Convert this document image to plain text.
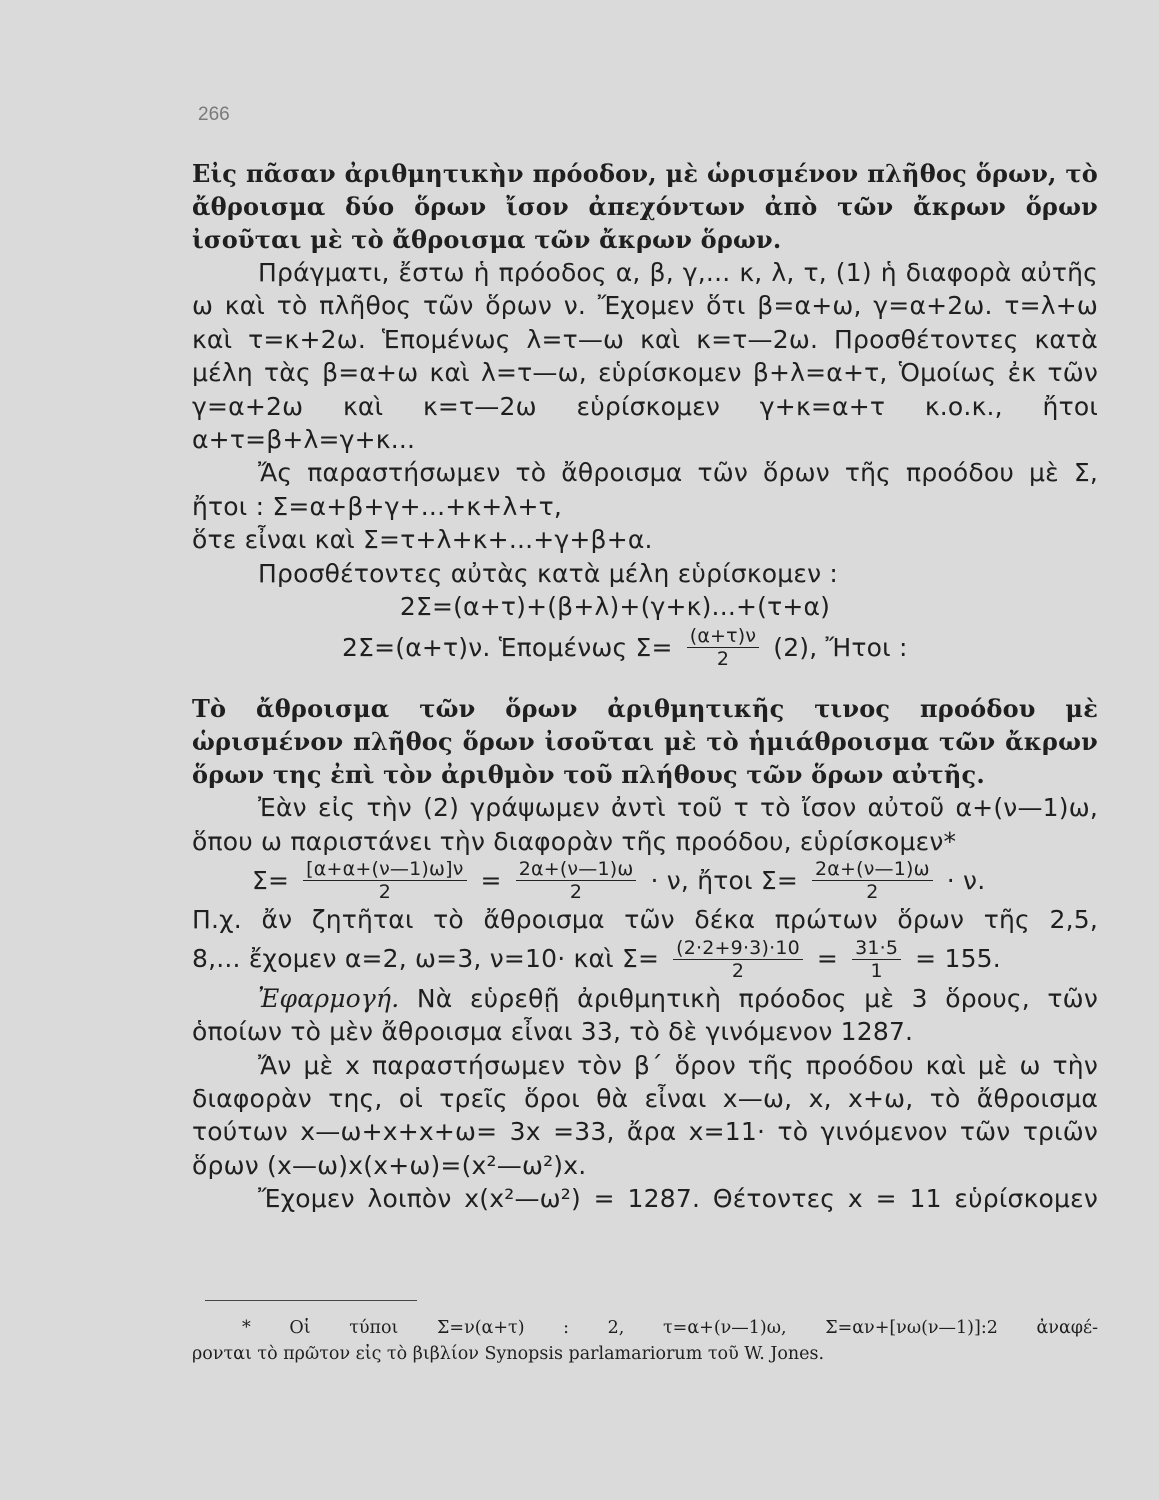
266

Εἰς πᾶσαν ἀριθμητικὴν πρόοδον, μὲ ὡρισμένον πλῆθος ὅρων, τὸ ἄθροισμα δύο ὅρων ἴσον ἀπεχόντων ἀπὸ τῶν ἄκρων ὅρων ἰσοῦται μὲ τὸ ἄθροισμα τῶν ἄκρων ὅρων.

Πράγματι, ἔστω ἡ πρόοδος α, β, γ,... κ, λ, τ, (1) ἡ διαφορὰ αὐτῆς ω καὶ τὸ πλῆθος τῶν ὅρων ν. Ἔχομεν ὅτι β=α+ω, γ=α+2ω. τ=λ+ω καὶ τ=κ+2ω. Ἑπομένως λ=τ—ω καὶ κ=τ—2ω. Προσθέτοντες κατὰ μέλη τὰς β=α+ω καὶ λ=τ—ω, εὑρίσκομεν β+λ=α+τ, Ὁμοίως ἐκ τῶν γ=α+2ω καὶ κ=τ—2ω εὑρίσκομεν γ+κ=α+τ κ.ο.κ., ἤτοι α+τ=β+λ=γ+κ...

Ἄς παραστήσωμεν τὸ ἄθροισμα τῶν ὅρων τῆς προόδου μὲ Σ, ἤτοι : Σ=α+β+γ+...+κ+λ+τ,

ὅτε εἶναι καὶ Σ=τ+λ+κ+...+γ+β+α.

Προσθέτοντες αὐτὰς κατὰ μέλη εὑρίσκομεν :

2Σ=(α+τ)+(β+λ)+(γ+κ)...+(τ+α)
2Σ=(α+τ)ν. Ἑπομένως $\Sigma= \frac{(\alpha+\tau)\nu}{2} (2)$, Ἤτοι :

Τὸ ἄθροισμα τῶν ὅρων ἀριθμητικῆς τινος προόδου μὲ ὡρισμένον πλῆθος ὅρων ἰσοῦται μὲ τὸ ἡμιάθροισμα τῶν ἄκρων ὅρων της ἐπὶ τὸν ἀριθμὸν τοῦ πλήθους τῶν ὅρων αὐτῆς.

Ἐὰν εἰς τὴν (2) γράψωμεν ἀντὶ τοῦ τ τὸ ἴσον αὐτοῦ α+(ν—1)ω, ὅπου ω παριστάνει τὴν διαφορὰν τῆς προόδου, εὑρίσκομεν*

$\Sigma= \frac{[\alpha+\alpha+(\nu—1)\omega]\nu}{2} = \frac{2\alpha+(\nu—1)\omega}{2} \cdot \nu$, ἤτοι $\Sigma= \frac{2\alpha+(\nu—1)\omega}{2} \cdot \nu$.

Π.χ. ἄν ζητῆται τὸ ἄθροισμα τῶν δέκα πρώτων ὅρων τῆς 2,5,

8,... ἔχομεν α=2, ω=3, ν=10· καὶ $\Sigma= \frac{(2\cdot 2+9\cdot 3)\cdot 10}{2} = \frac{31\cdot 5}{1} = 155$.

Ἐφαρμογή. Νὰ εὑρεθῇ ἀριθμητικὴ πρόοδος μὲ 3 ὅρους, τῶν ὁποίων τὸ μὲν ἄθροισμα εἶναι 33, τὸ δὲ γινόμενον 1287.

Ἄν μὲ x παραστήσωμεν τὸν β΄ ὅρον τῆς προόδου καὶ μὲ ω τὴν διαφορὰν της, οἱ τρεῖς ὅροι θὰ εἶναι x—ω, x, x+ω, τὸ ἄθροισμα τούτων x—ω+x+x+ω= 3x =33, ἄρα x=11· τὸ γινόμενον τῶν τριῶν ὅρων (x—ω)x(x+ω)=(x²—ω²)x.

Ἔχομεν λοιπὸν x(x²—ω²) = 1287. Θέτοντες x = 11 εὑρίσκομεν

* Οἱ τύποι Σ=ν(α+τ) : 2, τ=α+(ν—1)ω, Σ=αν+[νω(ν—1)]:2 ἀναφέ-
ρονται τὸ πρῶτον εἰς τὸ βιβλίον Synopsis parlamariorum τοῦ W. Jones.
